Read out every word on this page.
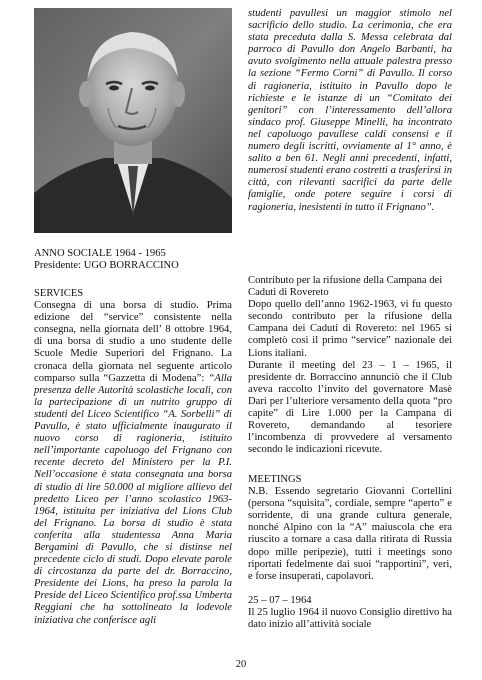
ANNO SOCIALE 1964 - 1965

Presidente: UGO BORRACCINO

SERVICES

Consegna di una borsa di studio. Prima edizione del “service” consistente nella consegna, nella giornata dell’ 8 ottobre 1964, di una borsa di studio a uno studente delle Scuole Medie Superiori del Frignano. La cronaca della giornata nel seguente articolo comparso sulla “Gazzetta di Modena”: “Alla presenza delle Autorità scolastiche locali, con la partecipazione di un nutrito gruppo di studenti del Liceo Scientifico “A. Sorbelli” di Pavullo, è stato ufficialmente inaugurato il nuovo corso di ragioneria, istituito nell’importante capoluogo del Frignano con recente decreto del Ministero per la P.I. Nell’occasione è stata consegnata una borsa di studio di lire 50.000 al migliore allievo del predetto Liceo per l’anno scolastico 1963-1964, istituita per iniziativa del Lions Club del Frignano. La borsa di studio è stata conferita alla studentessa Anna Maria Bergamini di Pavullo, che si distinse nel precedente ciclo di studi. Dopo elevate parole di circostanza da parte del dr. Borraccino, Presidente dei Lions, ha preso la parola la Preside del Liceo Scientifico prof.ssa Umberta Reggiani che ha sottolineato la lodevole iniziativa che conferisce agli

studenti pavullesi un maggior stimolo nel sacrificio dello studio. La cerimonia, che era stata preceduta dalla S. Messa celebrata dal parroco di Pavullo don Angelo Barbanti, ha avuto svolgimento nella attuale palestra presso la sezione “Fermo Corni” di Pavullo. Il corso di ragioneria, istituito in Pavullo dopo le richieste e le istanze di un “Comitato dei genitori” con l’interessamento dell’allora sindaco prof. Giuseppe Minelli, ha incontrato nel capoluogo pavullese caldi consensi e il numero degli iscritti, ovviamente al 1° anno, è salito a ben 61. Negli anni precedenti, infatti, numerosi studenti erano costretti a trasferirsi in città, con rilevanti sacrifici da parte delle famiglie, onde potere seguire i corsi di ragioneria, inesistenti in tutto il Frignano”.

Contributo per la rifusione della Campana dei Caduti di Rovereto

Dopo quello dell’anno 1962-1963, vi fu questo secondo contributo per la rifusione della Campana dei Caduti di Rovereto: nel 1965 si completò così il primo “service” nazionale dei Lions italiani.

Durante il meeting del 23 – 1 – 1965, il presidente dr. Borraccino annunciò che il Club aveva raccolto l’invito del governatore Masè Dari per l’ulteriore versamento della quota “pro capite” di Lire 1.000 per la Campana di Rovereto, demandando al tesoriere l’incombenza di provvedere al versamento secondo le indicazioni ricevute.

MEETINGS

N.B. Essendo segretario Giovanni Cortellini (persona “squisita”, cordiale, sempre “aperto” e sorridente, di una grande cultura generale, nonché Alpino con la “A” maiuscola che era riuscito a tornare a casa dalla ritirata di Russia dopo mille peripezie), tutti i meetings sono riportati fedelmente dai suoi “rapportini”, veri, e forse insuperati, capolavori.

25 – 07 – 1964

Il 25 luglio 1964 il nuovo Consiglio direttivo ha dato inizio all’attività sociale

20
